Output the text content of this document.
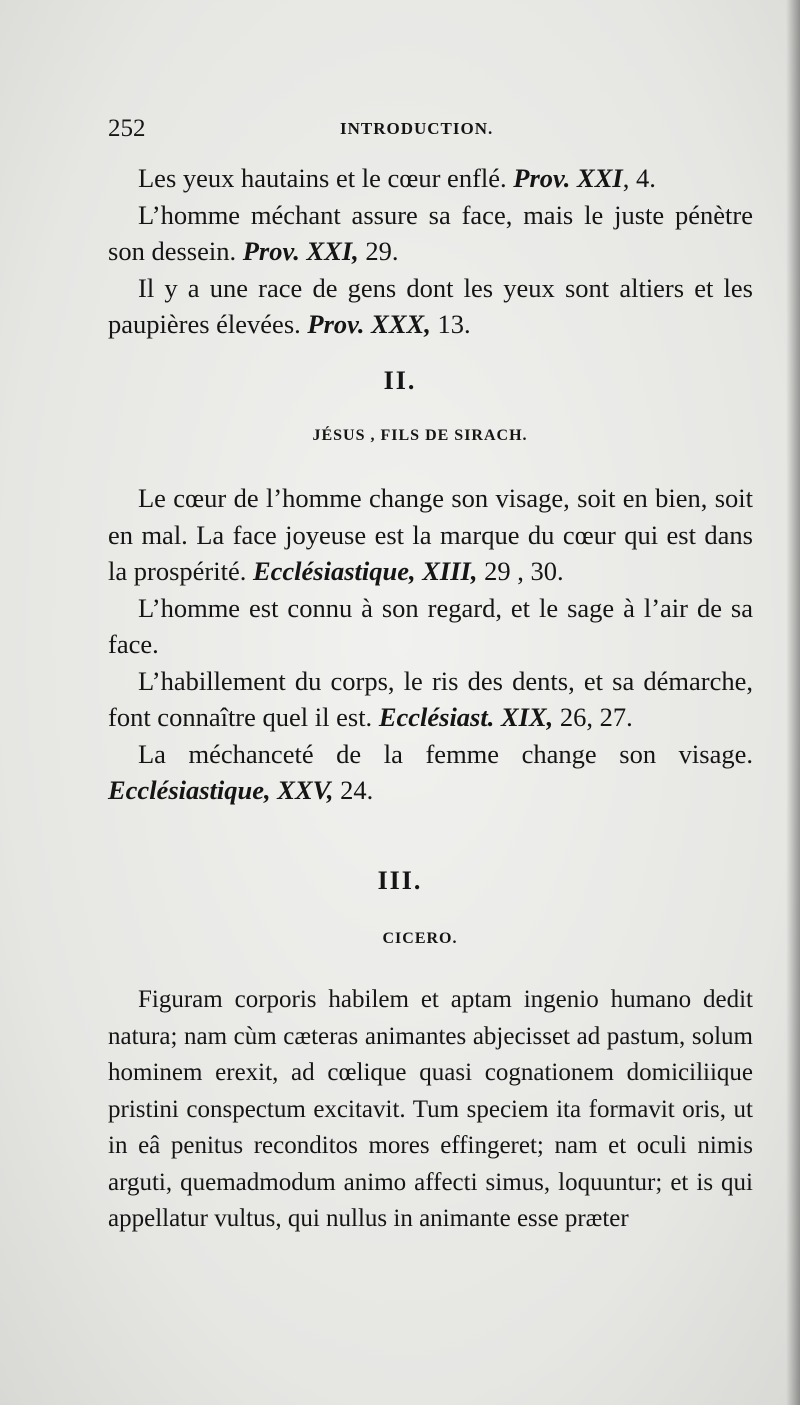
252	INTRODUCTION.

Les yeux hautains et le cœur enflé. Prov. XXI, 4.

L’homme méchant assure sa face, mais le juste pénètre son dessein. Prov. XXI, 29.

Il y a une race de gens dont les yeux sont altiers et les paupières élevées. Prov. XXX, 13.

II.
JÉSUS , FILS DE SIRACH.

Le cœur de l’homme change son visage, soit en bien, soit en mal. La face joyeuse est la marque du cœur qui est dans la prospérité. Ecclésiastique, XIII, 29 , 30.

L’homme est connu à son regard, et le sage à l’air de sa face.

L’habillement du corps, le ris des dents, et sa démarche, font connaître quel il est. Ecclésiast. XIX, 26, 27.

La méchanceté de la femme change son visage. Ecclésiastique, XXV, 24.

III.
CICERO.

Figuram corporis habilem et aptam ingenio humano dedit natura; nam cùm cæteras animantes abjecisset ad pastum, solum hominem erexit, ad cœlique quasi cognationem domiciliique pristini conspectum excitavit. Tum speciem ita formavit oris, ut in eâ penitus reconditos mores effingeret; nam et oculi nimis arguti, quemadmodum animo affecti simus, loquuntur; et is qui appellatur vultus, qui nullus in animante esse præter
